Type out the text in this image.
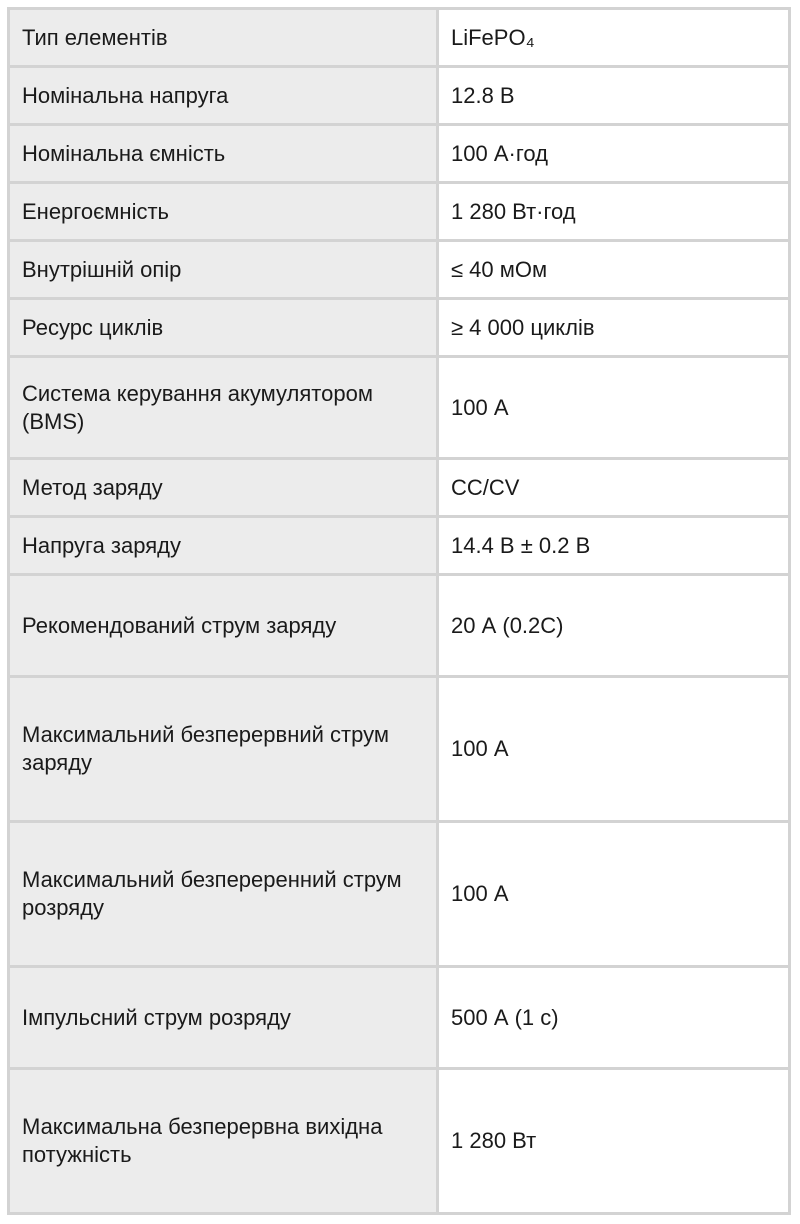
Тип елементів	LiFePO₄
Номінальна напруга	12.8 В
Номінальна ємність	100 А·год
Енергоємність	1 280 Вт·год
Внутрішній опір	≤ 40 мОм
Ресурс циклів	≥ 4 000 циклів
Система керування акумулятором (BMS)	100 А
Метод заряду	CC/CV
Напруга заряду	14.4 В ± 0.2 В
Рекомендований струм заряду	20 А (0.2C)
Максимальний безперервний струм заряду	100 А
Максимальний безпереренний струм розряду	100 А
Імпульсний струм розряду	500 А (1 с)
Максимальна безперервна вихідна потужність	1 280 Вт
